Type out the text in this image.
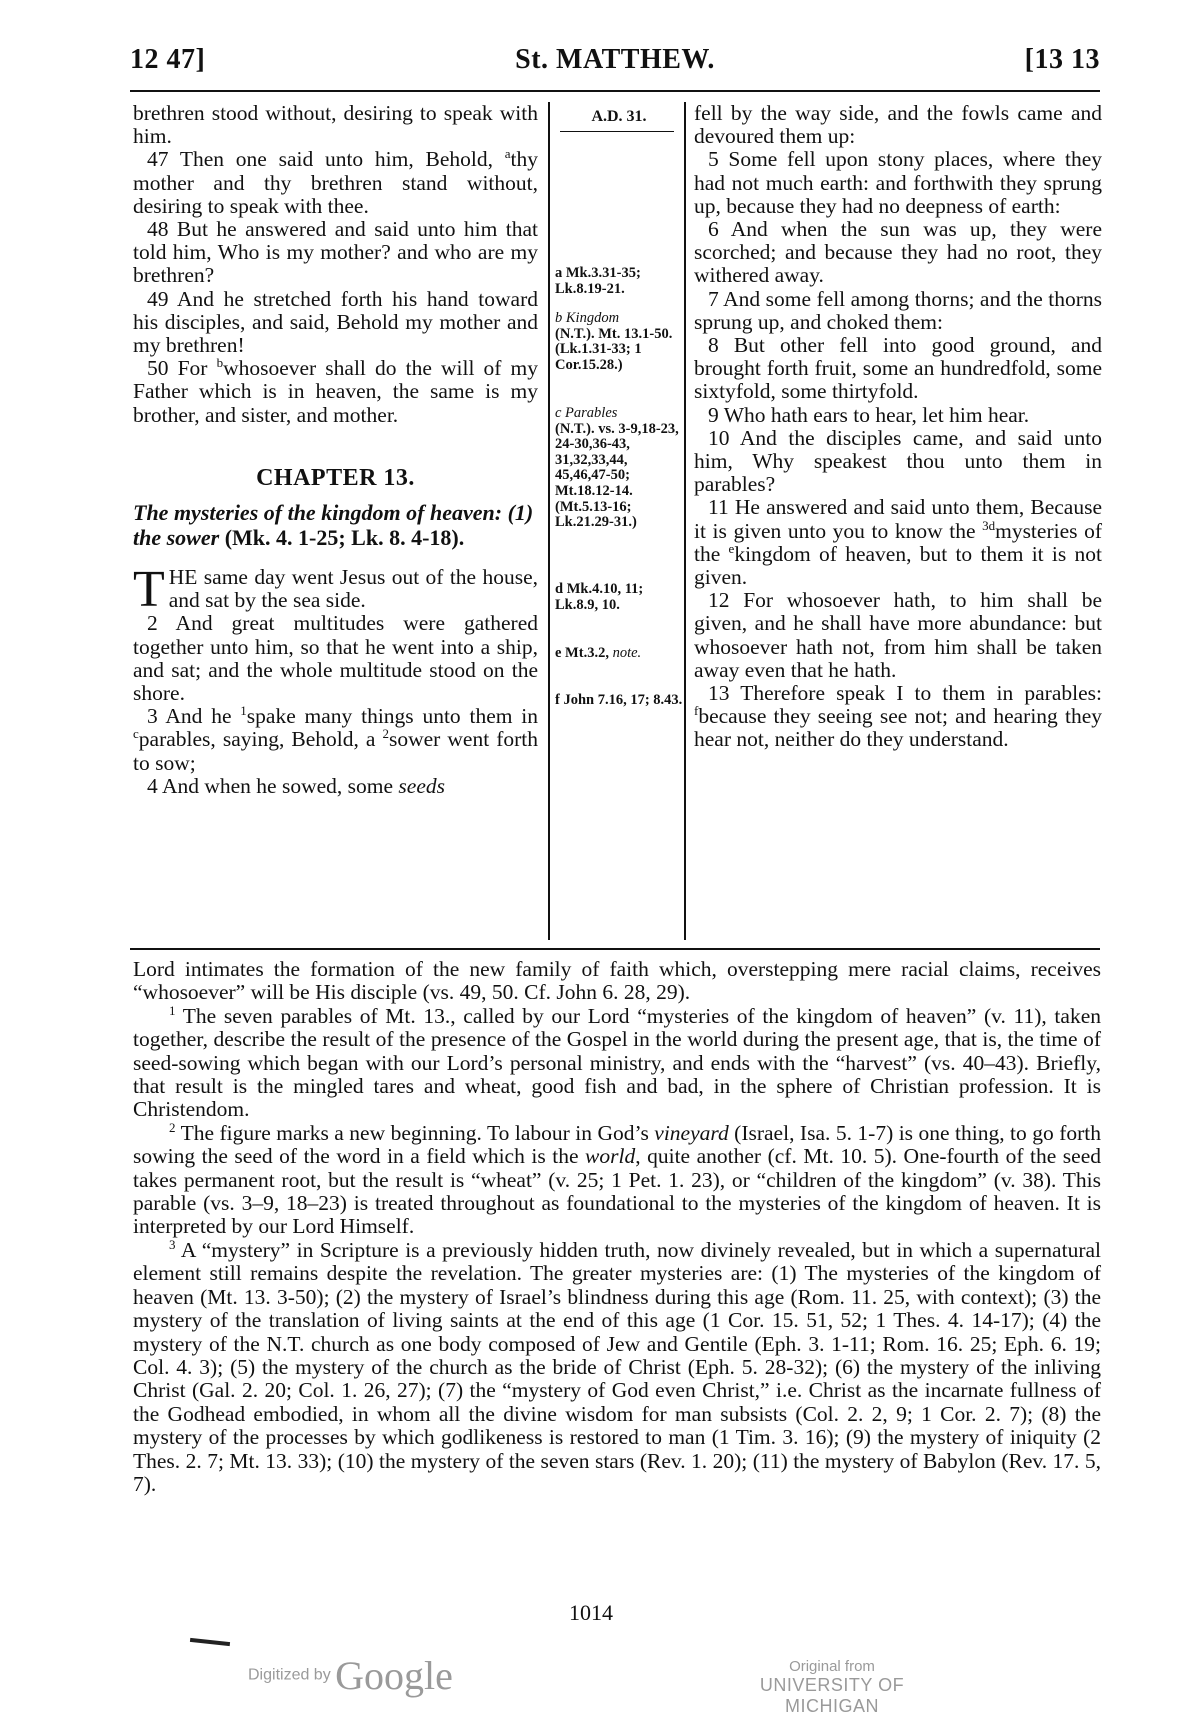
12 47]	St. MATTHEW.	[13 13

brethren stood without, desiring to speak with him.

47 Then one said unto him, Behold, $^a$thy mother and thy brethren stand without, desiring to speak with thee.

48 But he answered and said unto him that told him, Who is my mother? and who are my brethren?

49 And he stretched forth his hand toward his disciples, and said, Behold my mother and my brethren!

50 For $^b$whosoever shall do the will of my Father which is in heaven, the same is my brother, and sister, and mother.

CHAPTER 13.
The mysteries of the kingdom of heaven: (1) the sower (Mk. 4. 1-25; Lk. 8. 4-18).

THE same day went Jesus out of the house, and sat by the sea side.

2 And great multitudes were gathered together unto him, so that he went into a ship, and sat; and the whole multitude stood on the shore.

3 And he $^1$spake many things unto them in $^c$parables, saying, Behold, a $^2$sower went forth to sow;

4 And when he sowed, some seeds

A.D. 31.
a Mk.3.31-35; Lk.8.19-21.
b Kingdom
(N.T.). Mt. 13.1-50. (Lk.1.31-33; 1 Cor.15.28.)
c Parables
(N.T.). vs. 3-9,18-23, 24-30,36-43, 31,32,33,44, 45,46,47-50; Mt.18.12-14. (Mt.5.13-16; Lk.21.29-31.)
d Mk.4.10, 11; Lk.8.9, 10.
e Mt.3.2, note.
f John 7.16, 17; 8.43.

fell by the way side, and the fowls came and devoured them up:

5 Some fell upon stony places, where they had not much earth: and forthwith they sprung up, because they had no deepness of earth:

6 And when the sun was up, they were scorched; and because they had no root, they withered away.

7 And some fell among thorns; and the thorns sprung up, and choked them:

8 But other fell into good ground, and brought forth fruit, some an hundredfold, some sixtyfold, some thirtyfold.

9 Who hath ears to hear, let him hear.

10 And the disciples came, and said unto him, Why speakest thou unto them in parables?

11 He answered and said unto them, Because it is given unto you to know the $^{3d}$mysteries of the $^e$kingdom of heaven, but to them it is not given.

12 For whosoever hath, to him shall be given, and he shall have more abundance: but whosoever hath not, from him shall be taken away even that he hath.

13 Therefore speak I to them in parables: $^f$because they seeing see not; and hearing they hear not, neither do they understand.

Lord intimates the formation of the new family of faith which, overstepping mere racial claims, receives “whosoever” will be His disciple (vs. 49, 50. Cf. John 6. 28, 29).

$^1$ The seven parables of Mt. 13., called by our Lord “mysteries of the kingdom of heaven” (v. 11), taken together, describe the result of the presence of the Gospel in the world during the present age, that is, the time of seed-sowing which began with our Lord’s personal ministry, and ends with the “harvest” (vs. 40–43). Briefly, that result is the mingled tares and wheat, good fish and bad, in the sphere of Christian profession. It is Christendom.

$^2$ The figure marks a new beginning. To labour in God’s vineyard (Israel, Isa. 5. 1-7) is one thing, to go forth sowing the seed of the word in a field which is the world, quite another (cf. Mt. 10. 5). One-fourth of the seed takes permanent root, but the result is “wheat” (v. 25; 1 Pet. 1. 23), or “children of the kingdom” (v. 38). This parable (vs. 3–9, 18–23) is treated throughout as foundational to the mysteries of the kingdom of heaven. It is interpreted by our Lord Himself.

$^3$ A “mystery” in Scripture is a previously hidden truth, now divinely revealed, but in which a supernatural element still remains despite the revelation. The greater mysteries are: (1) The mysteries of the kingdom of heaven (Mt. 13. 3-50); (2) the mystery of Israel’s blindness during this age (Rom. 11. 25, with context); (3) the mystery of the translation of living saints at the end of this age (1 Cor. 15. 51, 52; 1 Thes. 4. 14-17); (4) the mystery of the N.T. church as one body composed of Jew and Gentile (Eph. 3. 1-11; Rom. 16. 25; Eph. 6. 19; Col. 4. 3); (5) the mystery of the church as the bride of Christ (Eph. 5. 28-32); (6) the mystery of the inliving Christ (Gal. 2. 20; Col. 1. 26, 27); (7) the “mystery of God even Christ,” i.e. Christ as the incarnate fullness of the Godhead embodied, in whom all the divine wisdom for man subsists (Col. 2. 2, 9; 1 Cor. 2. 7); (8) the mystery of the processes by which godlikeness is restored to man (1 Tim. 3. 16); (9) the mystery of iniquity (2 Thes. 2. 7; Mt. 13. 33); (10) the mystery of the seven stars (Rev. 1. 20); (11) the mystery of Babylon (Rev. 17. 5, 7).

1014
Digitized by Google	Original from
UNIVERSITY OF MICHIGAN
